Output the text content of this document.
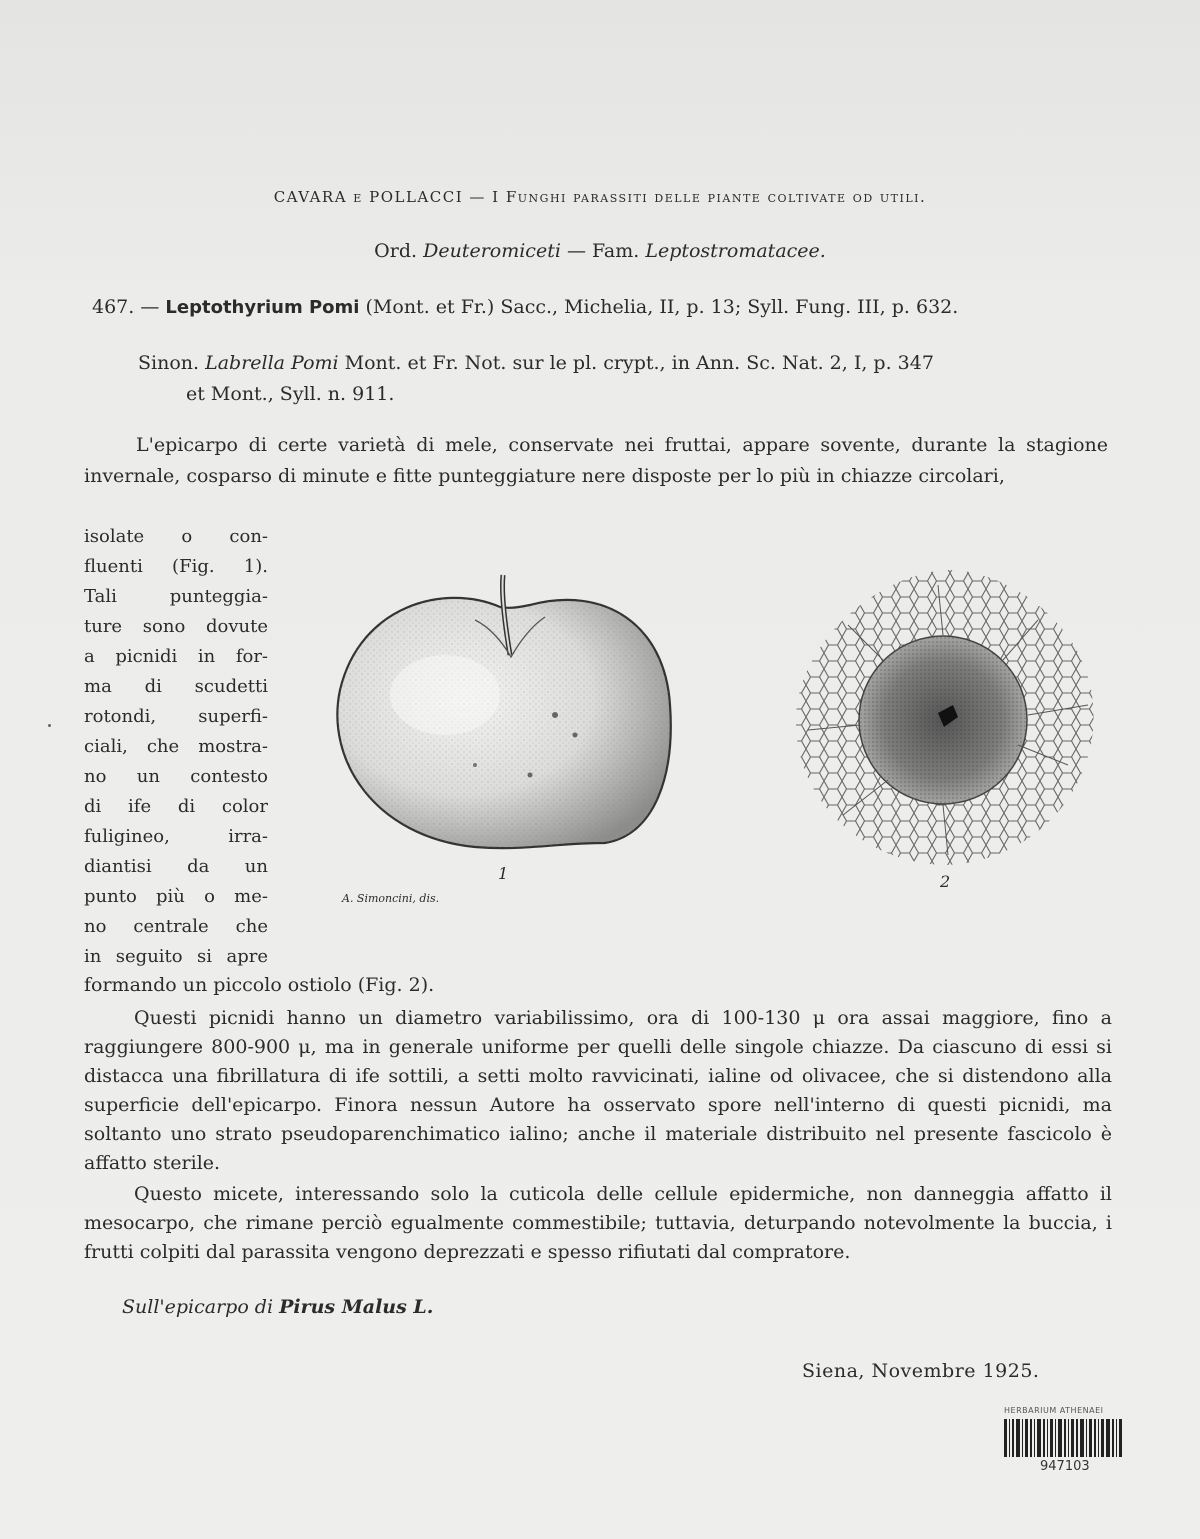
CAVARA e POLLACCI — I Funghi parassiti delle piante coltivate od utili.
Ord. Deuteromiceti — Fam. Leptostromatacee.
467. — Leptothyrium Pomi (Mont. et Fr.) Sacc., Michelia, II, p. 13; Syll. Fung. III, p. 632.
Sinon. Labrella Pomi Mont. et Fr. Not. sur le pl. crypt., in Ann. Sc. Nat. 2, I, p. 347
et Mont., Syll. n. 911.
L'epicarpo di certe varietà di mele, conservate nei fruttai, appare sovente, durante la stagione invernale, cosparso di minute e fitte punteggiature nere disposte per lo più in chiazze circolari,
isolate o con-
fluenti (Fig. 1).
Tali punteggia-
ture sono dovute
a picnidi in for-
ma di scudetti
rotondi, superfi-
ciali, che mostra-
no un contesto
di ife di color
fuligineo, irra-
diantisi da un
punto più o me-
no centrale che
in seguito si apre
1	2
A. Simoncini, dis.
formando un piccolo ostiolo (Fig. 2).
Questi picnidi hanno un diametro variabilissimo, ora di 100-130 μ ora assai maggiore, fino a raggiungere 800-900 μ, ma in generale uniforme per quelli delle singole chiazze. Da ciascuno di essi si distacca una fibrillatura di ife sottili, a setti molto ravvicinati, ialine od olivacee, che si distendono alla superficie dell'epicarpo. Finora nessun Autore ha osservato spore nell'interno di questi picnidi, ma soltanto uno strato pseudoparenchimatico ialino; anche il materiale distribuito nel presente fascicolo è affatto sterile.
Questo micete, interessando solo la cuticola delle cellule epidermiche, non danneggia affatto il mesocarpo, che rimane perciò egualmente commestibile; tuttavia, deturpando notevolmente la buccia, i frutti colpiti dal parassita vengono deprezzati e spesso rifiutati dal compratore.
Sull'epicarpo di Pirus Malus L.
Siena, Novembre 1925.
HERBARIUM ATHENAEI
947103
